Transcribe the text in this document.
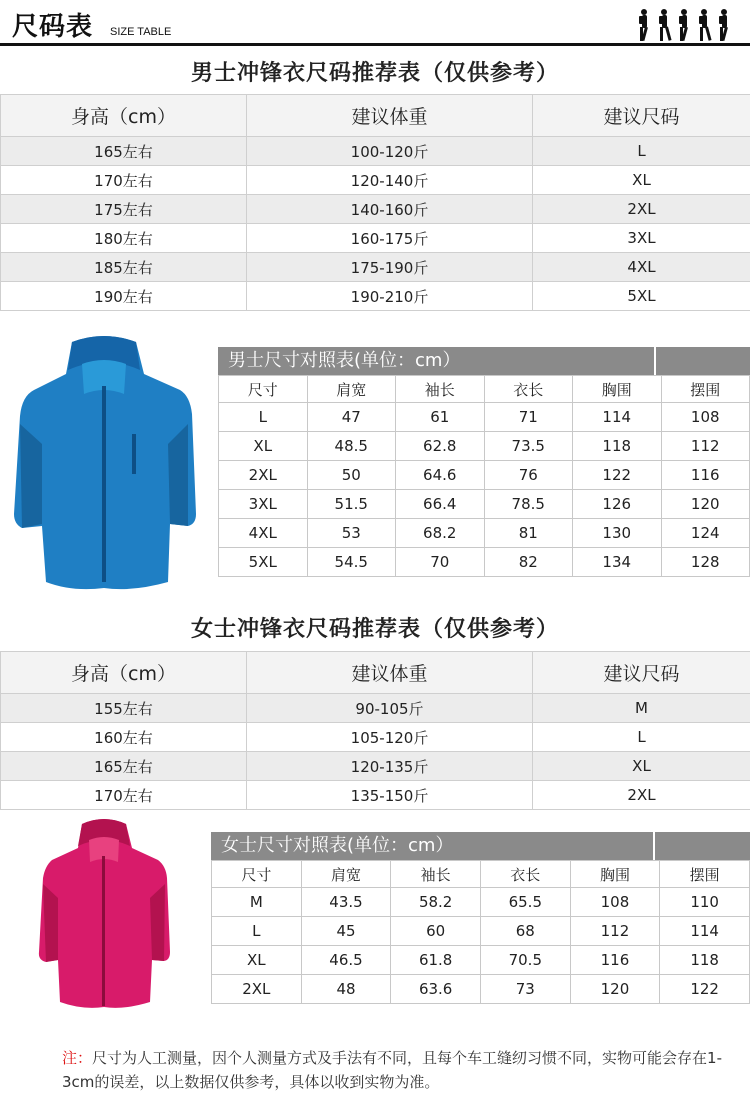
尺码表 SIZE TABLE
男士冲锋衣尺码推荐表（仅供参考）
身高（cm）	建议体重	建议尺码
165左右	100-120斤	L
170左右	120-140斤	XL
175左右	140-160斤	2XL
180左右	160-175斤	3XL
185左右	175-190斤	4XL
190左右	190-210斤	5XL
男士尺寸对照表(单位：cm）
尺寸	肩宽	袖长	衣长	胸围	摆围
L	47	61	71	114	108
XL	48.5	62.8	73.5	118	112
2XL	50	64.6	76	122	116
3XL	51.5	66.4	78.5	126	120
4XL	53	68.2	81	130	124
5XL	54.5	70	82	134	128
女士冲锋衣尺码推荐表（仅供参考）
身高（cm）	建议体重	建议尺码
155左右	90-105斤	M
160左右	105-120斤	L
165左右	120-135斤	XL
170左右	135-150斤	2XL
女士尺寸对照表(单位：cm）
尺寸	肩宽	袖长	衣长	胸围	摆围
M	43.5	58.2	65.5	108	110
L	45	60	68	112	114
XL	46.5	61.8	70.5	116	118
2XL	48	63.6	73	120	122
注：尺寸为人工测量，因个人测量方式及手法有不同，且每个车工缝纫习惯不同，实物可能会存在1-3cm的误差，以上数据仅供参考，具体以收到实物为准。
